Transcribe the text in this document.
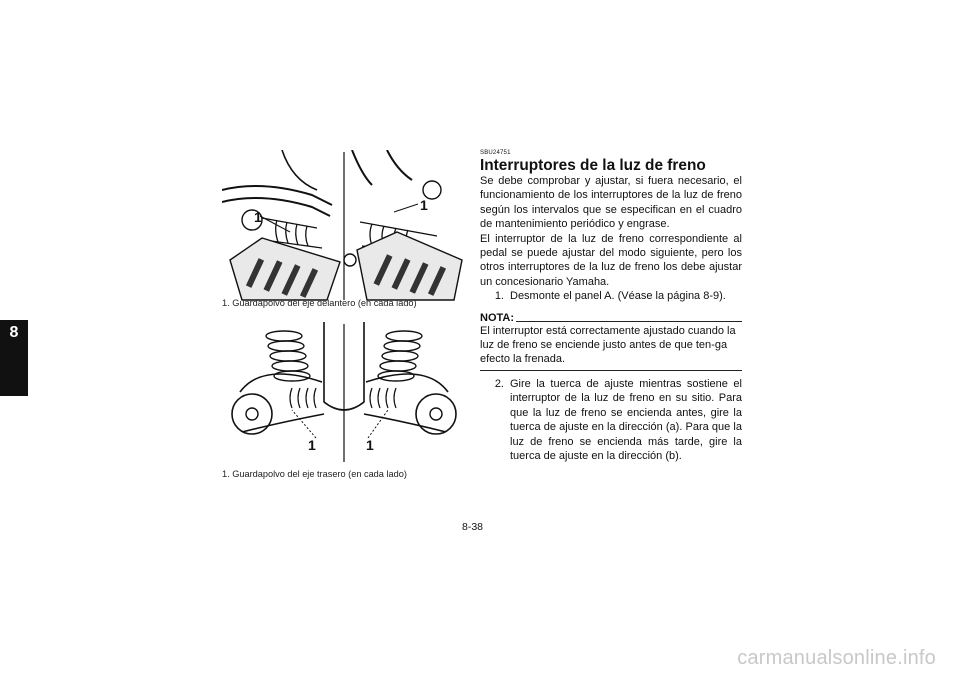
8
1
1
1. Guardapolvo del eje delantero (en cada lado)
1	1
1. Guardapolvo del eje trasero (en cada lado)
SBU24751
Interruptores de la luz de freno

Se debe comprobar y ajustar, si fuera necesario, el funcionamiento de los interruptores de la luz de freno según los intervalos que se especifican en el cuadro de mantenimiento periódico y engrase.

El interruptor de la luz de freno correspondiente al pedal se puede ajustar del modo siguiente, pero los otros interruptores de la luz de freno los debe ajustar un concesionario Yamaha.

1. Desmonte el panel A. (Véase la página 8-9).
NOTA:

El interruptor está correctamente ajustado cuando la luz de freno se enciende justo antes de que ten-ga efecto la frenada.

2. Gire la tuerca de ajuste mientras sostiene el interruptor de la luz de freno en su sitio. Para que la luz de freno se encienda antes, gire la tuerca de ajuste en la dirección (a). Para que la luz de freno se encienda más tarde, gire la tuerca de ajuste en la dirección (b).
8-38
carmanualsonline.info
